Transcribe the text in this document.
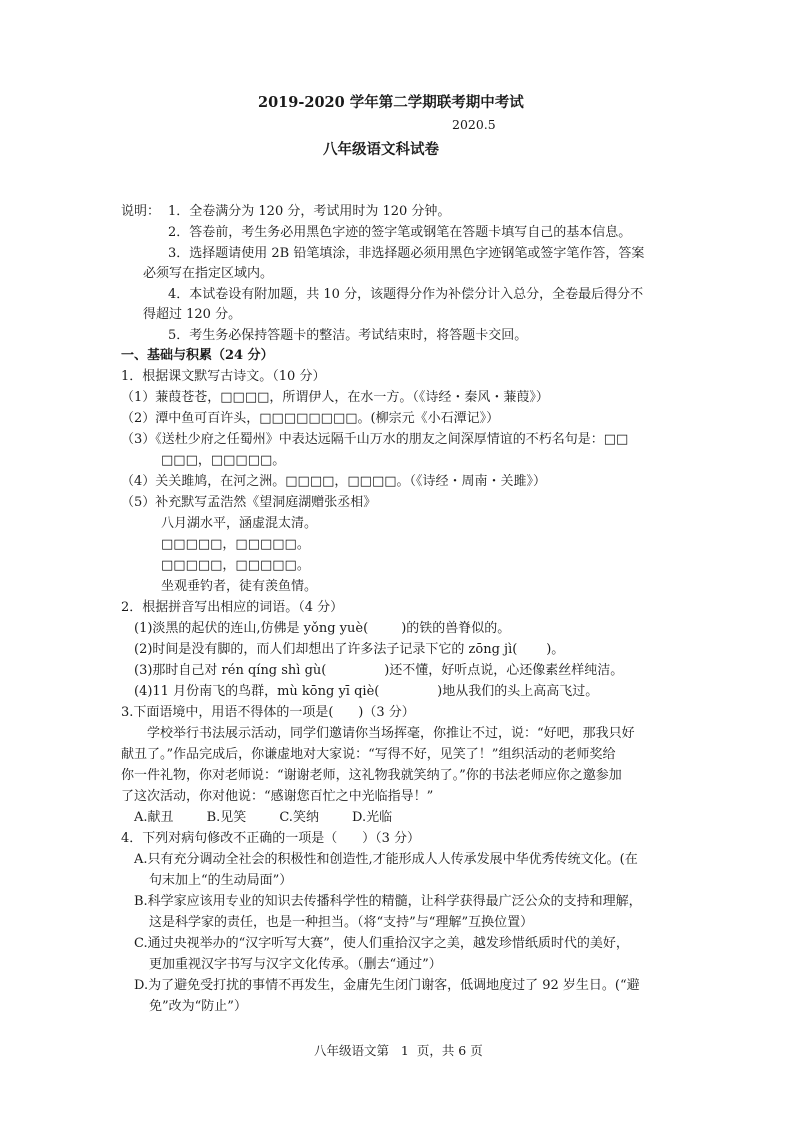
2019-2020 学年第二学期联考期中考试
2020.5
八年级语文科试卷
说明： 1．全卷满分为 120 分，考试用时为 120 分钟。
2．答卷前，考生务必用黑色字迹的签字笔或钢笔在答题卡填写自己的基本信息。
3．选择题请使用 2B 铅笔填涂，非选择题必须用黑色字迹钢笔或签字笔作答，答案
必须写在指定区域内。
4．本试卷设有附加题，共 10 分，该题得分作为补偿分计入总分，全卷最后得分不
得超过 120 分。
5．考生务必保持答题卡的整洁。考试结束时，将答题卡交回。
一、基础与积累（24 分）
1．根据课文默写古诗文。（10 分）
（1）蒹葭苍苍，□□□□，所谓伊人，在水一方。（《诗经・秦风・蒹葭》）
（2）潭中鱼可百许头，□□□□□□□□。(柳宗元《小石潭记》）
（3）《送杜少府之任蜀州》中表达远隔千山万水的朋友之间深厚情谊的不朽名句是：□□
□□□，□□□□□。
（4）关关雎鸠，在河之洲。□□□□，□□□□。（《诗经・周南・关雎》）
（5）补充默写孟浩然《望洞庭湖赠张丞相》
八月湖水平，涵虚混太清。
□□□□□，□□□□□。
□□□□□，□□□□□。
坐观垂钓者，徒有羡鱼情。
2．根据拼音写出相应的词语。（4 分）
(1)淡黑的起伏的连山,仿佛是 yǒng yuè(        )的铁的兽脊似的。
(2)时间是没有脚的，而人们却想出了许多法子记录下它的 zōng jì(       )。
(3)那时自己对 rén qíng shì gù(              )还不懂，好听点说，心还像素丝样纯洁。
(4)11 月份南飞的鸟群，mù kōng yī qiè(              )地从我们的头上高高飞过。
3.下面语境中，用语不得体的一项是(      )（3 分）
学校举行书法展示活动，同学们邀请你当场挥毫，你推让不过，说：“好吧，那我只好
献丑了。”作品完成后，你谦虚地对大家说：“写得不好，见笑了！”组织活动的老师奖给
你一件礼物，你对老师说：“谢谢老师，这礼物我就笑纳了。”你的书法老师应你之邀参加
了这次活动，你对他说：“感谢您百忙之中光临指导！”
A.献丑        B.见笑        C.笑纳        D.光临
4．下列对病句修改不正确的一项是（      ）（3 分）
A.只有充分调动全社会的积极性和创造性,才能形成人人传承发展中华优秀传统文化。(在
句末加上“的生动局面”）
B.科学家应该用专业的知识去传播科学性的精髓，让科学获得最广泛公众的支持和理解，
这是科学家的责任，也是一种担当。（将“支持”与“理解”互换位置）
C.通过央视举办的“汉字听写大赛”，使人们重拾汉字之美，越发珍惜纸质时代的美好，
更加重视汉字书写与汉字文化传承。（删去“通过”）
D.为了避免受打扰的事情不再发生，金庸先生闭门谢客，低调地度过了 92 岁生日。(“避
免”改为“防止”）
八年级语文第   1  页，共 6 页
